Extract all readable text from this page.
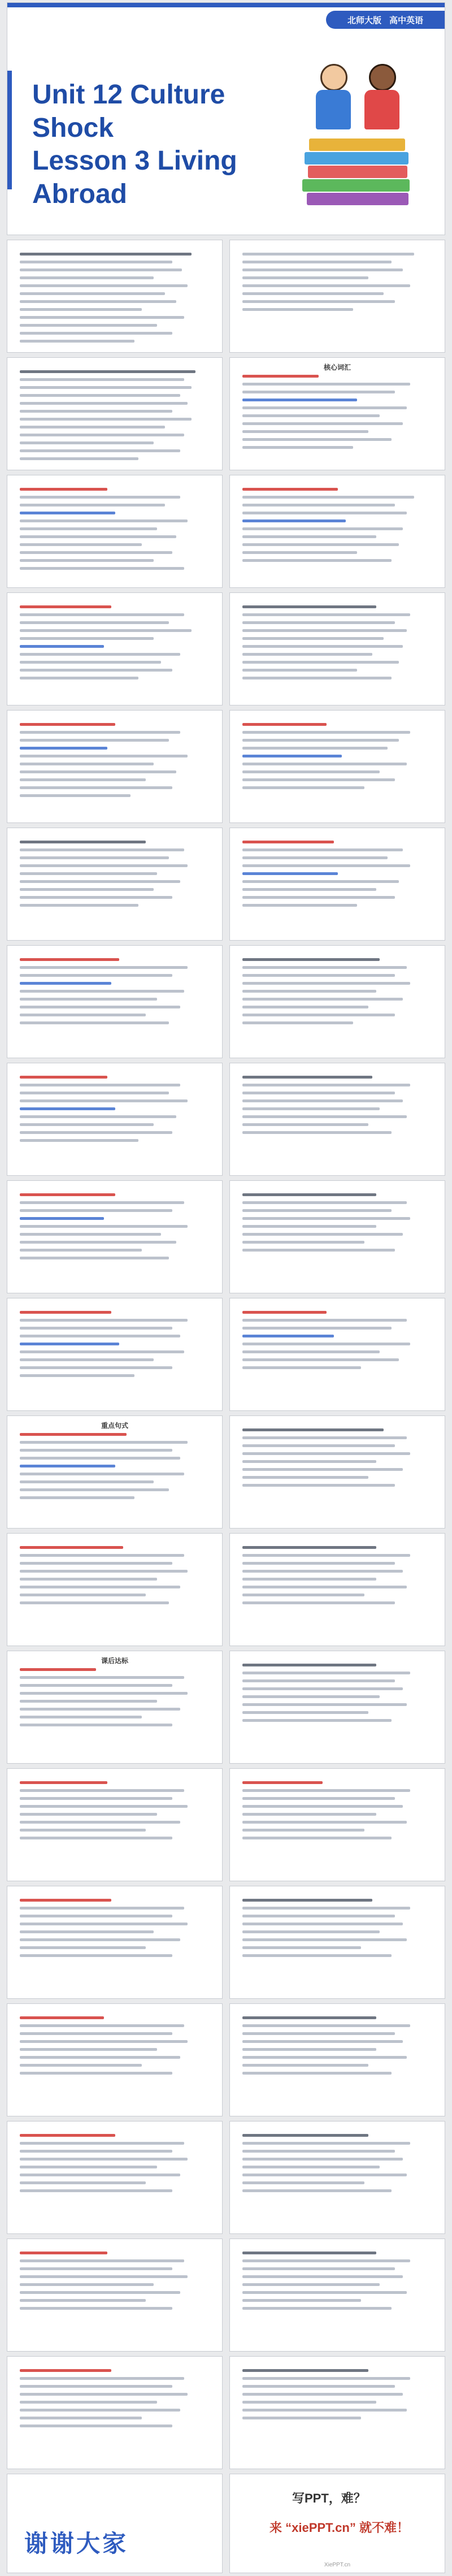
北师大版 高中英语
Unit 12 Culture
Shock
Lesson 3 Living
Abroad
核心词汇
重点句式
课后达标
谢谢大家
写PPT，难？
来 “xiePPT.cn” 就不难！
XiePPT.cn
